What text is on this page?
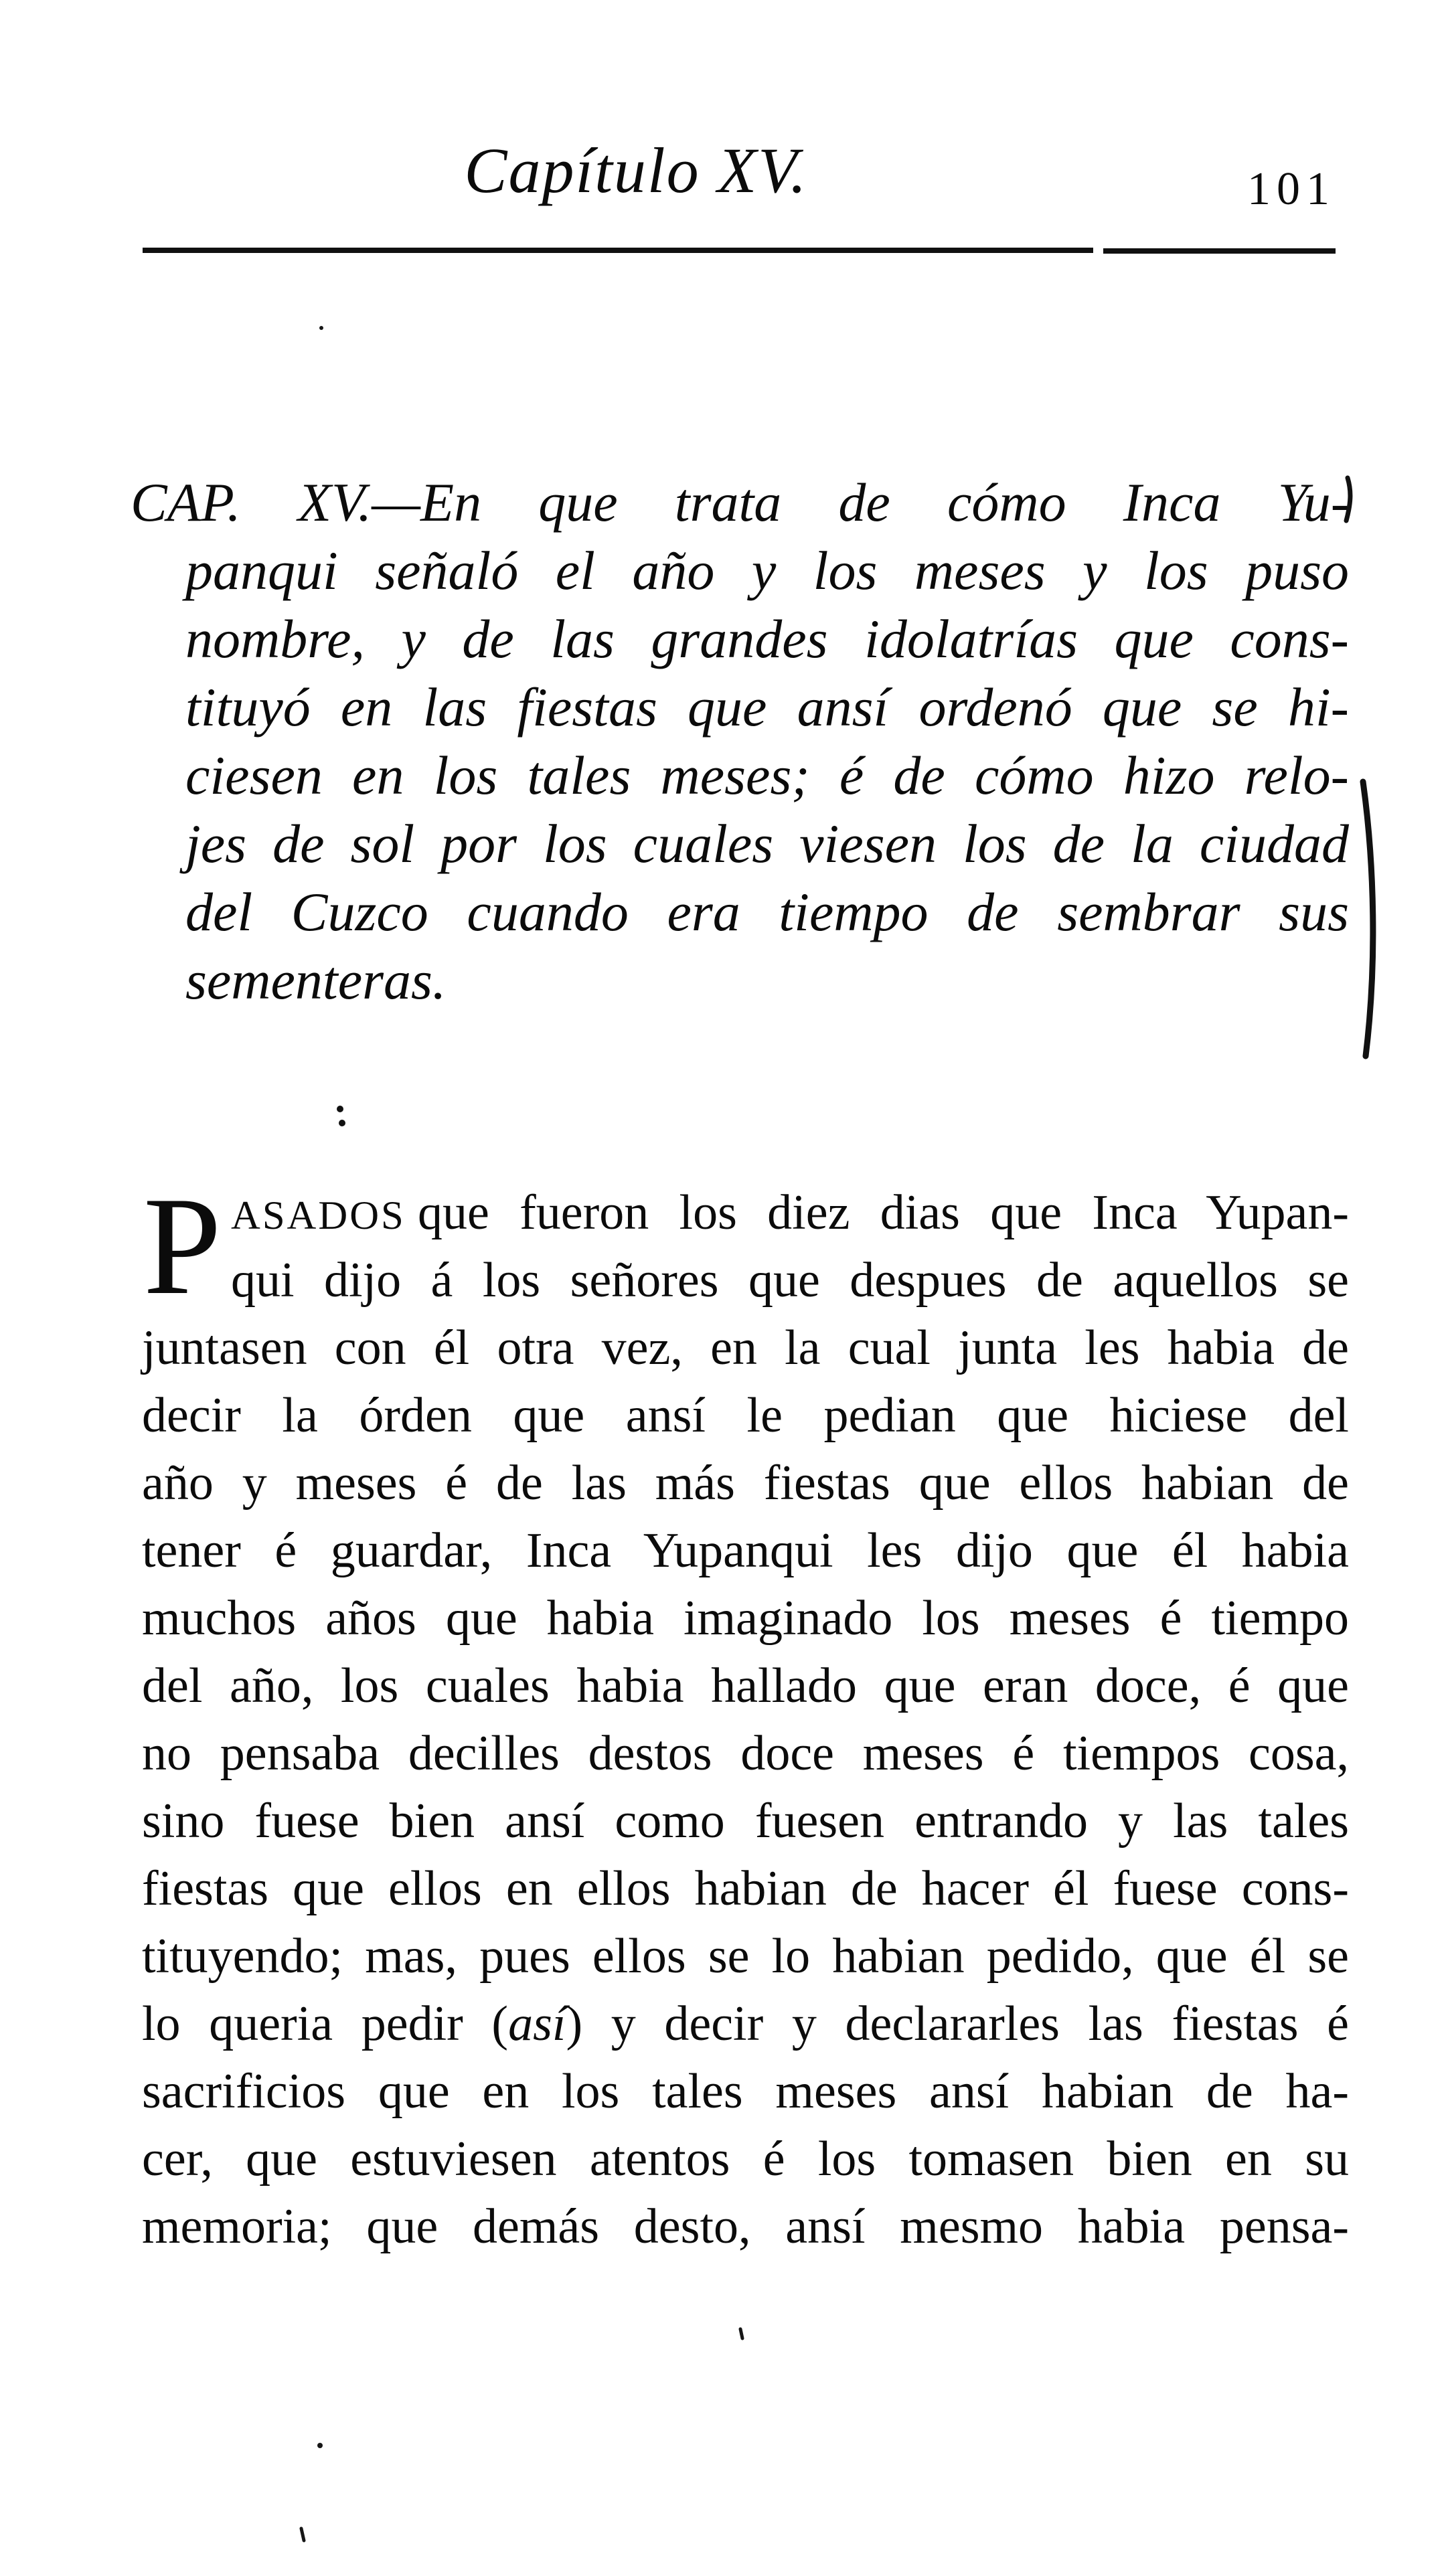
Capítulo XV.	101
CAP. XV.—En que trata de cómo Inca Yu-
panqui señaló el año y los meses y los puso
nombre, y de las grandes idolatrías que cons-
tituyó en las fiestas que ansí ordenó que se hi-
ciesen en los tales meses; é de cómo hizo relo-
jes de sol por los cuales viesen los de la ciudad
del Cuzco cuando era tiempo de sembrar sus
sementeras.
P ASADOS que fueron los diez dias que Inca Yupan-
qui dijo á los señores que despues de aquellos se
juntasen con él otra vez, en la cual junta les habia de
decir la órden que ansí le pedian que hiciese del
año y meses é de las más fiestas que ellos habian de
tener é guardar, Inca Yupanqui les dijo que él habia
muchos años que habia imaginado los meses é tiempo
del año, los cuales habia hallado que eran doce, é que
no pensaba decilles destos doce meses é tiempos cosa,
sino fuese bien ansí como fuesen entrando y las tales
fiestas que ellos en ellos habian de hacer él fuese cons-
tituyendo; mas, pues ellos se lo habian pedido, que él se
lo queria pedir (así) y decir y declararles las fiestas é
sacrificios que en los tales meses ansí habian de ha-
cer, que estuviesen atentos é los tomasen bien en su
memoria; que demás desto, ansí mesmo habia pensa-
